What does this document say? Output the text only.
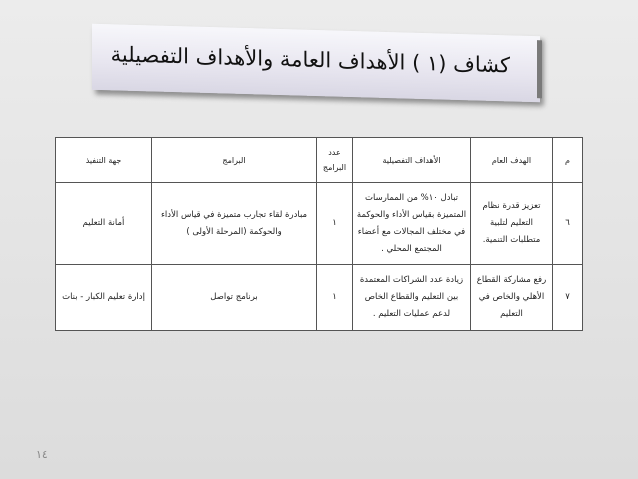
كشاف (١ ) الأهداف العامة والأهداف التفصيلية
م	الهدف العام	الأهداف التفصيلية	عدد البرامج	البرامج	جهة التنفيذ
٦	تعزيز قدرة نظام التعليم لتلبية متطلبات التنمية.	تبادل ١٠% من الممارسات المتميزة بقياس الأداء والحوكمة في مختلف المجالات مع أعضاء المجتمع المحلي .	١	مبادرة لقاء تجارب متميزة في قياس الأداء والحوكمة (المرحلة الأولى )	أمانة التعليم
٧	رفع مشاركة القطاع الأهلي والخاص في التعليم	زيادة عدد الشراكات المعتمدة بين التعليم والقطاع الخاص لدعم عمليات التعليم .	١	برنامج تواصل	إدارة تعليم الكبار - بنات
١٤
